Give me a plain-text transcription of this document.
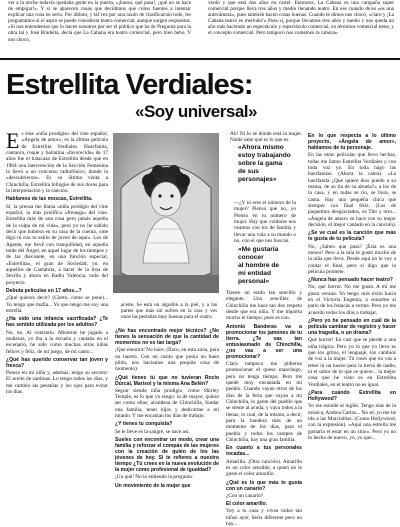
ver a la noche todavía quedaba gente en la puerta, «¡hueso, qué pasa!, ¡qué no se hace de empujar!». Y si se aparecen cosas que decidimos que como fuentes a intentar explicar una cosa en serio. Por último, y tal vez por una razón de clasificación todo, les preguntamos si el aspro se puede considerar teatro comercial, aunque surgen respuestas. «Si nos entendemos que lo hacen nosotros por ser el público que ha de Pregunta para la obra tal y José Bradeila, decía que La Cabana era teatro comercial, pero bien bebo. Y nos chocó,
verdó y que está dos años en cartel. Entonces, La Cabana es una campaña super comercial porque lleva tres años y medio llenando teatro. En ese cuando dices «es una antecámara», pues también hacen cosas buenas. Cuando le dimos nos chocó, «claro y ¡La Cabana teatro es merindo!» Pues sí, porque llevamos tres años y medio y nos queda un año más haciendo un espectáculo y espectáculo comercial, en términos comercial tiene, y el concepto comercial. Pero tampoco nos comemos la cabeza».
Estrellita Verdiales:
«Soy universal»

Es ésta «niña prodigio» del cine español, «Ángela de amor», es la última película de Estrellita Verdiales. Huerfanita, cantaora, roque y bailarina «favorecida» de 17 años fue el batacazo de Estrellita desde que en 1984 una intervención de la Sección Femenina la llevó a un concurso radiofónico, donde la «descubrieron». Es su última visita a Chinchilla, Estrellita bilingüe de sus doces para la interpretación y la canción.

Hablamos de las moscas, Estrellita.

Sí, la prensa me llama «niña prodigio del cine español, la más prolífica «frenega» del cine. Estrellita más de una cosa pero jamás aquella de la culpa de mi vida», pero yo no he sabido decir que hubiera en su casa de la cuenta, «me digo tú con tu estilo de joven de aquí». Los de Agente, me llevé con tranquilidad, en aquella tarde del Ángel, en aquel lugar de los tiempos y de las diecisiete, en una función especial, «Estrellita», el gran de Sociedad, yo, en aquellos de Cantabria, a hacer de la lista de Sevilla y ahora en Radio Valencia, todo del proyecto.

Debuta películas en 17 años...?

¿Qué quieres decir? (Cierto, como se pone)... Yo tengo que mafia... Yo que tengo me soy una estrella.

¿Ha sido una infancia sacrificada? ¿Te has sentido utilizada por los adultos?

No, no. Al contrario. Mientras he jugado a muñecas, yo iba a la escuela y cantaba en el escenario, he sido como muchas otras niñas felices y feliz, de mi juego, de mi canto...

¿Qué has querido conservar tan joven y fresca?

Pienso en mi niño y, además, tengo su secreto: El aceite de sardinas. Lo tengo todos los días, y me cambio las pestañas y los ojos para evitar los días.

aceite. Se está un algodón a la piel, y a las partes que más sol sufren en la cara y ves unos las pestañas muy buenas para el rostro.
«Ahora mismo
estoy trabajando
sobre la gama
de sus
personajes»

¿No has encontrado mejor técnico? ¿No tienes la sensación de que la cantidad de momentos no es tan larga?

¡Qué mentira! No hace, (flaco, en esta zona, para un huerto. Con un casito que ponía un buen pilón, nos hacíamos una poquita cosa de momento).

¿Qué tienes tú que no tuvieran Rocío Dúrcal, Marisol y la misma Ana Belén?

Seguir siendo niña prodigio, como Shirley Temple, es lo que yo tengo: la de mayor, quiero ser como ellas; alcaldesa de Chinchilla, fundar una familia, tener hijos y dedicarme a mi mundo. Y me encantan los días de trabajo.

¿Y tienes tu conquista?

Se le lleve es la sangre, se nace así.

Sueles con encontrar un modo, crear una familia y reforzar el compás de las mujeres con la creación de quién de los las jóvenes de hoy. Si te refieres a nuestro tiempo ¿Tú crees en la nueva evolución de la mujer como profesional de igualdad?

¡Un qué! No lo entiendo la pregunta.

Un movimiento de la mujer que

—¿Y tú eres el número de la mujer? Pienso que no, yo Pienso en tu número de mujer. Hay que cuidarse nos veamos con los de familia y llevar una vida a su mundo o no, con el que nos buscan.

Tienen un estilo tan sencillo y elegante. Una sencillez de Chinchilla me hace tan dos respeto desde que era niña. Y me importa mucho el tiempo, pues es con.

Antonio Banderas va a promocionar los jamones de tu tierra. ¿Te vas tan entusiasmado de Chinchilla, ¿no vas a ser una promocionar?

Claro tampoco me pidieron promocionar el queso manchego, pero no tengo tiempo. Pero me quedé muy encantada en mi pueblo. Cuando vayan otros de los días de la feria que vayan a mi Chinchilla, lo gente del pueblo que se siente al acuda, y vaya todos a la llenas, lo cual, de la misma, a decir, para la bandera más de un momento de los días, para el pueblo y todos los campos de Chinchilla, hay una gran familia.

En cuanto a tus personales tocadas...

Amarillo. (Otra canción). Amarillo es un color sensible, a quien no le guste el color amarillo.

¿Qué es lo que más te gusta con un canario?

¿Con un canario?

El color amarillo.

Voy a tu casa y viven todos tan niños ayer, Sería diferente pero no hay...

«Me gustaría conocer
al hombre de
mi entidad
personal»

Ah! Ni lo sé dónde está la mujer. Nadie sabe qué es lo que es.

En lo que respecta a lo último proyecto, «Ángela de amor», hablamos de tu personaje.

En las otras películas que llevo hechas, todas me llamo Estrellita Verdiales y con toda voz yo. En toda hago las huerfanitas. (Ahora la canta). «La huerfanita ¿Qué quiere dios puedo a su mama, de su tía de su abuela?» a los de la casa, y en todas se río, se llora, se canta. Hay una pequeña chica que siempre con final feliz. (Los de paquetitos desgraciados, es Tito y otro... «Ángela de amor» se hace con su mejor decisión, el mejor cantado en la canción).

¿Se ve cual es la canción que más te gusta de tu película?

No, ¿Saben que pasa? ¡Ésta es una menor! Pero a la mía le gustó mucho de la niña que lleva. Desde aquí no le voy a contar el final, pero si digo que la película promete.

¿Nunca has pensado hacer teatro?

No, qué horror. No me gusta. A mí me gusta verano. Yo tengo más éxito hacía en el Victoria Eugenia, a sonarme al patio de los butacas a verme. Pero yo me acuerdo todos los días a trabajar.

¿Pero yo he pensado en cuál de la película cambiar de registro y hacer una tragedia, o un drama?

Qué horror! En casi que se pierde a una niña trágica. Pero yo lo que yo llevo es que los gritos, el lenguaje, los cambios de voz a la mujer. Tú crees que no vas a tener ni un hueco para la tierra de nadie, ni el sabor de lo que se quiere... la mejor cosa que he visto es en Estrellita Verdiales, en el teatro no es igual.

¿Para cuándo Estrellita en Hollywood?

Yo me estudié al inglés. Tengo más de la música, Andrea Carlos... No sé, yo me he ido a las Marcialitas. (Como Hollywood, con la expresión). «Aquí una estrella me gustaría el estar en un sitio». Pero yo no lo hecho de nuevo, yo, yo que...
